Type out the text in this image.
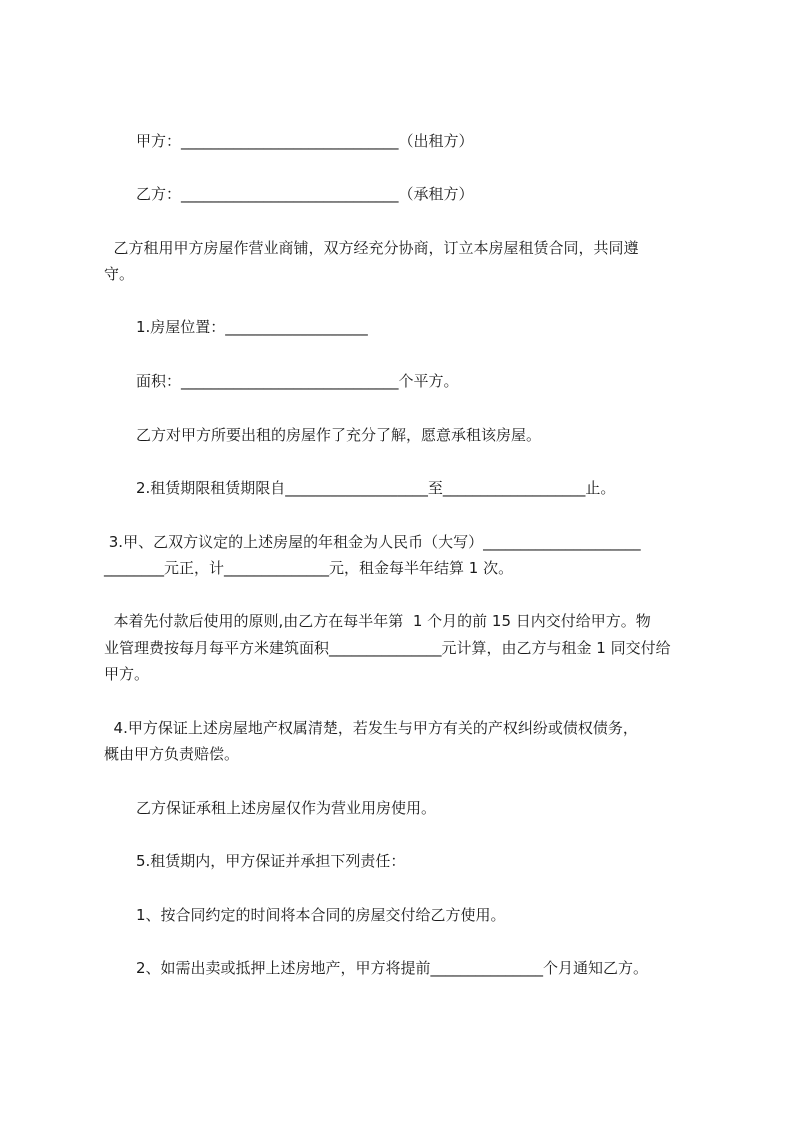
甲方：_____________________________（出租方）
乙方：_____________________________（承租方）
乙方租用甲方房屋作营业商铺，双方经充分协商，订立本房屋租赁合同，共同遵
守。
1.房屋位置：___________________
面积：_____________________________个平方。
乙方对甲方所要出租的房屋作了充分了解，愿意承租该房屋。
2.租赁期限租赁期限自___________________至___________________止。
3.甲、乙双方议定的上述房屋的年租金为人民币（大写）_____________________
________元正，计______________元，租金每半年结算 1 次。
本着先付款后使用的原则,由乙方在每半年第  1 个月的前 15 日内交付给甲方。物
业管理费按每月每平方米建筑面积_______________元计算，由乙方与租金 1 同交付给
甲方。
4.甲方保证上述房屋地产权属清楚，若发生与甲方有关的产权纠纷或债权债务，
概由甲方负责赔偿。
乙方保证承租上述房屋仅作为营业用房使用。
5.租赁期内，甲方保证并承担下列责任：
1、按合同约定的时间将本合同的房屋交付给乙方使用。
2、如需出卖或抵押上述房地产，甲方将提前_______________个月通知乙方。
